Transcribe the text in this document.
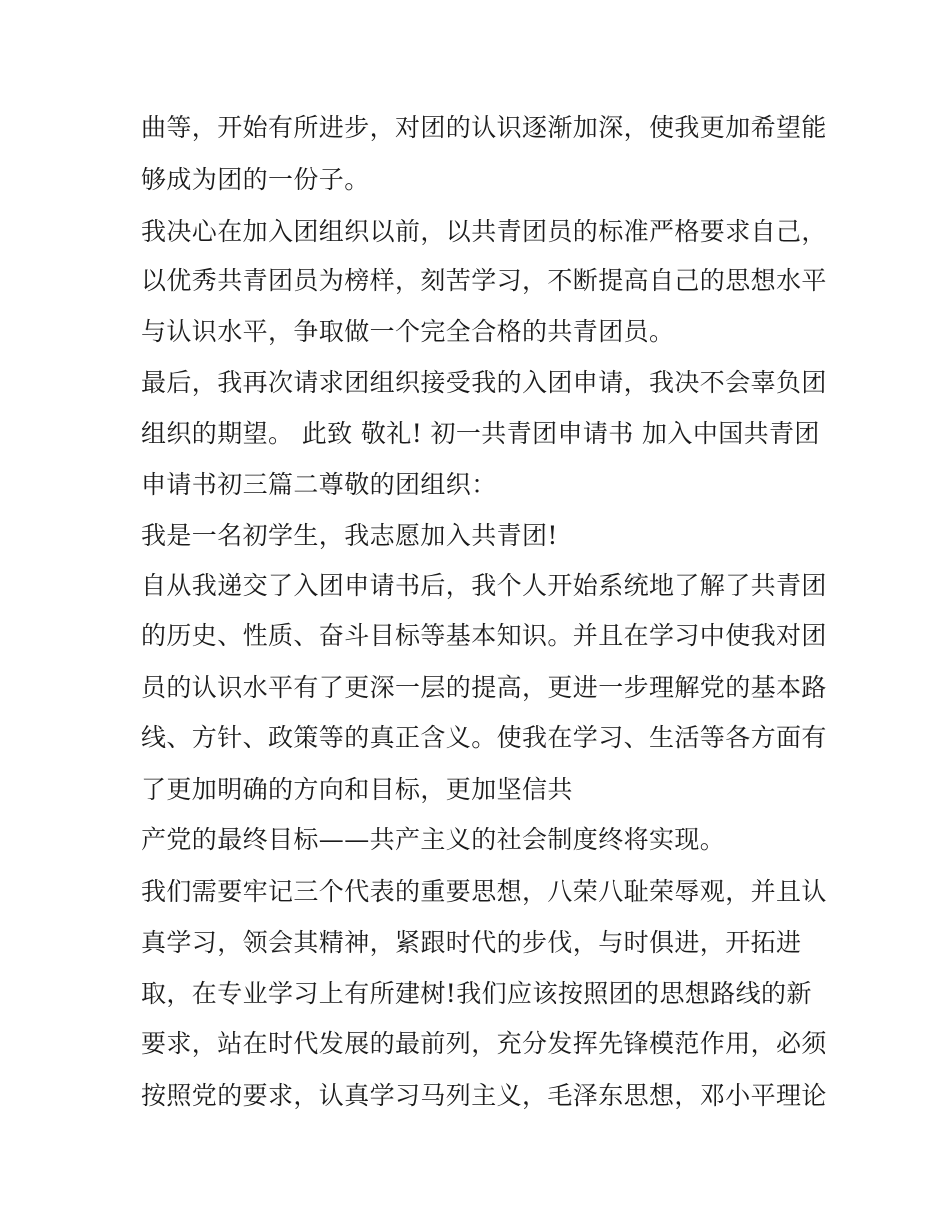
曲等，开始有所进步，对团的认识逐渐加深，使我更加希望能
够成为团的一份子。
我决心在加入团组织以前，以共青团员的标准严格要求自己，
以优秀共青团员为榜样，刻苦学习，不断提高自己的思想水平
与认识水平，争取做一个完全合格的共青团员。
最后，我再次请求团组织接受我的入团申请，我决不会辜负团
组织的期望。 此致 敬礼! 初一共青团申请书 加入中国共青团
申请书初三篇二尊敬的团组织：
我是一名初学生，我志愿加入共青团!
自从我递交了入团申请书后，我个人开始系统地了解了共青团
的历史、性质、奋斗目标等基本知识。并且在学习中使我对团
员的认识水平有了更深一层的提高，更进一步理解党的基本路
线、方针、政策等的真正含义。使我在学习、生活等各方面有
了更加明确的方向和目标，更加坚信共
产党的最终目标——共产主义的社会制度终将实现。
我们需要牢记三个代表的重要思想，八荣八耻荣辱观，并且认
真学习，领会其精神，紧跟时代的步伐，与时俱进，开拓进
取，在专业学习上有所建树!我们应该按照团的思想路线的新
要求，站在时代发展的最前列，充分发挥先锋模范作用，必须
按照党的要求，认真学习马列主义，毛泽东思想，邓小平理论
